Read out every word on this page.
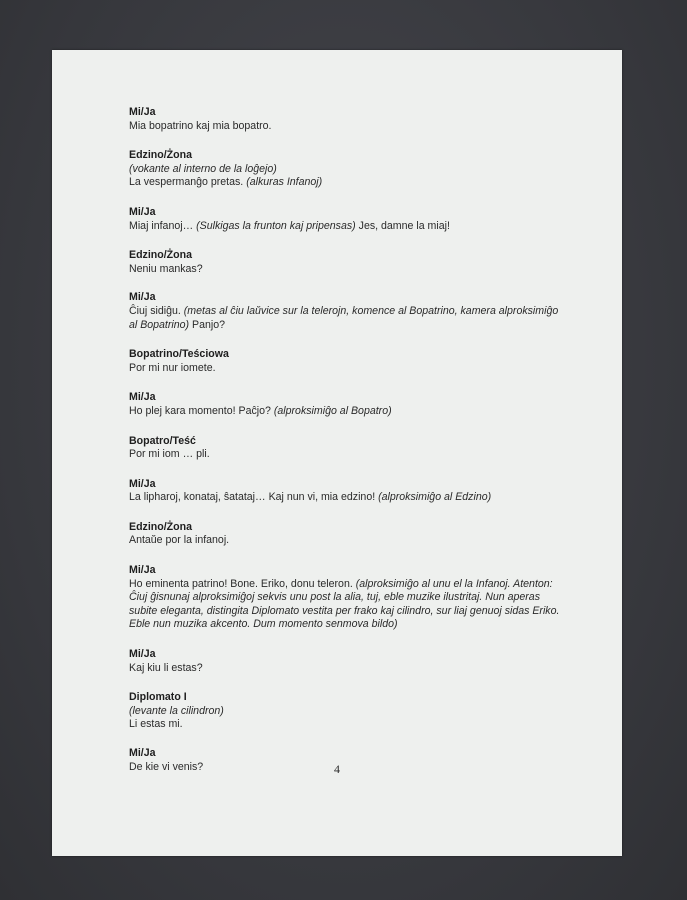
Mi/Ja
Mia bopatrino kaj mia bopatro.
Edzino/Żona
(vokante al interno de la loĝejo)
La vespermanĝo pretas. (alkuras Infanoj)
Mi/Ja
Miaj infanoj… (Sulkigas la frunton kaj pripensas) Jes, damne la miaj!
Edzino/Żona
Neniu mankas?
Mi/Ja
Ĉiuj sidiĝu. (metas al ĉiu laŭvice sur la telerojn, komence al Bopatrino, kamera alproksimiĝo
al Bopatrino) Panjo?
Bopatrino/Teściowa
Por mi nur iomete.
Mi/Ja
Ho plej kara momento! Paĉjo? (alproksimiĝo al Bopatro)
Bopatro/Teść
Por mi iom … pli.
Mi/Ja
La lipharoj, konataj, ŝatataj… Kaj nun vi, mia edzino! (alproksimiĝo al Edzino)
Edzino/Żona
Antaŭe por la infanoj.
Mi/Ja
Ho eminenta patrino! Bone. Eriko, donu teleron. (alproksimiĝo al unu el la Infanoj. Atenton:
Ĉiuj ĝisnunaj alproksimiĝoj sekvis unu post la alia, tuj, eble muzike ilustritaj. Nun aperas
subite eleganta, distingita Diplomato vestita per frako kaj cilindro, sur liaj genuoj sidas Eriko.
Eble nun muzika akcento. Dum momento senmova bildo)
Mi/Ja
Kaj kiu li estas?
Diplomato I
(levante la cilindron)
Li estas mi.
Mi/Ja
De kie vi venis?	4
